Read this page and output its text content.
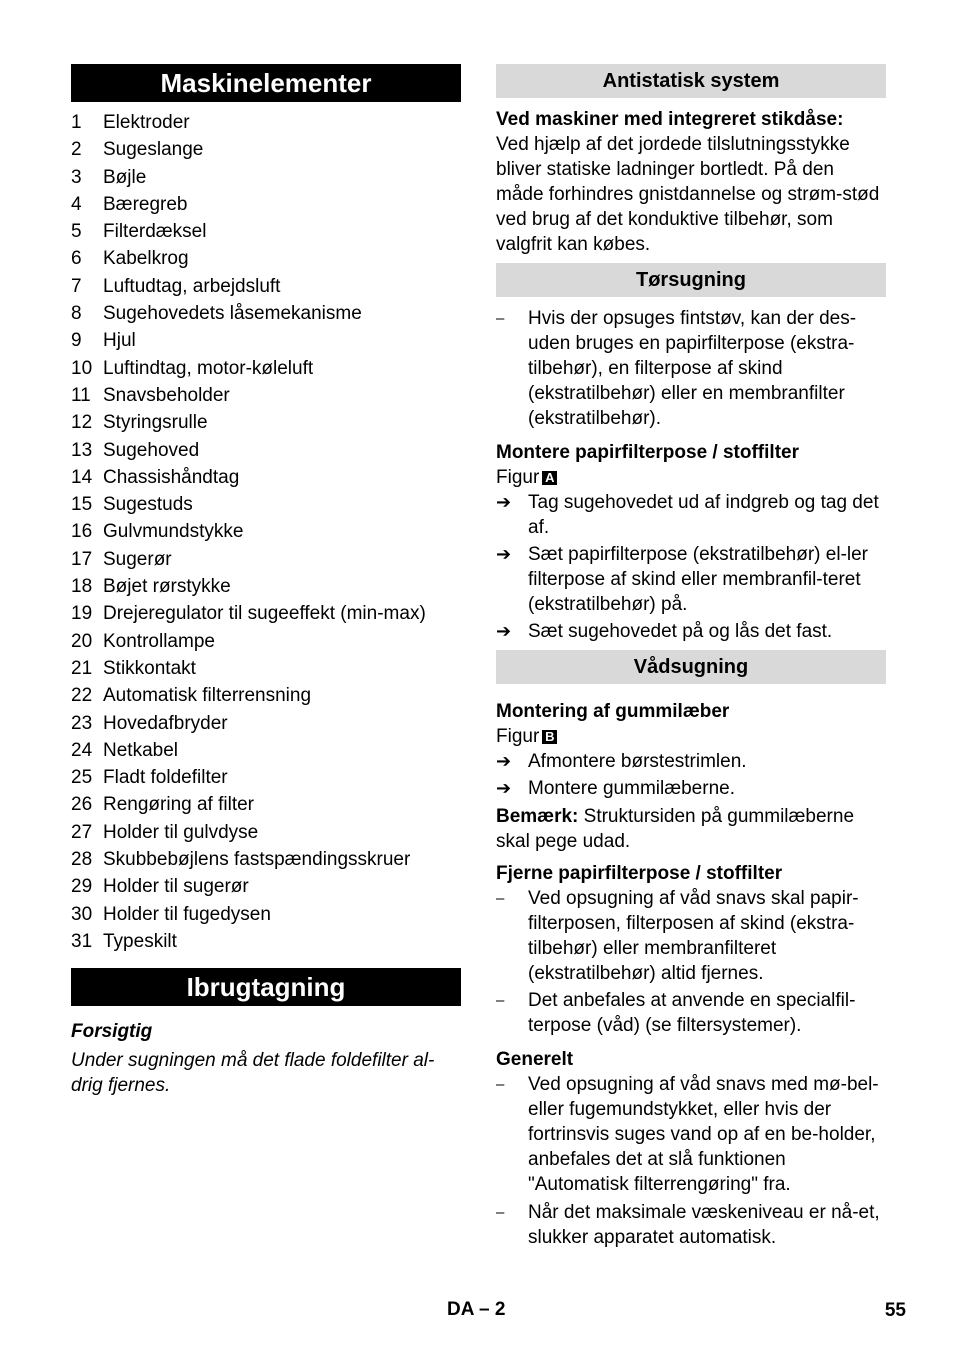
Maskinelementer
1	Elektroder
2	Sugeslange
3	Bøjle
4	Bæregreb
5	Filterdæksel
6	Kabelkrog
7	Luftudtag, arbejdsluft
8	Sugehovedets låsemekanisme
9	Hjul
10 Luftindtag, motor-køleluft
11 Snavsbeholder
12 Styringsrulle
13 Sugehoved
14 Chassishåndtag
15 Sugestuds
16 Gulvmundstykke
17 Sugerør
18 Bøjet rørstykke
19 Drejeregulator til sugeeffekt (min-max)
20 Kontrollampe
21 Stikkontakt
22 Automatisk filterrensning
23 Hovedafbryder
24 Netkabel
25 Fladt foldefilter
26 Rengøring af filter
27 Holder til gulvdyse
28 Skubbebøjlens fastspændingsskruer
29 Holder til sugerør
30 Holder til fugedysen
31 Typeskilt
Ibrugtagning
Forsigtig
Under sugningen må det flade foldefilter al-drig fjernes.
Antistatisk system

Ved maskiner med integreret stikdåse:

Ved hjælp af det jordede tilslutningsstykke bliver statiske ladninger bortledt. På den måde forhindres gnistdannelse og strøm-stød ved brug af det konduktive tilbehør, som valgfrit kan købes.

Tørsugning
–	Hvis der opsuges fintstøv, kan der des-uden bruges en papirfilterpose (ekstra-tilbehør), en filterpose af skind (ekstratilbehør) eller en membranfilter (ekstratilbehør).

Montere papirfilterpose / stoffilter

Figur A

➔ Tag sugehovedet ud af indgreb og tag det af.
➔ Sæt papirfilterpose (ekstratilbehør) el-ler filterpose af skind eller membranfil-teret (ekstratilbehør) på.
➔ Sæt sugehovedet på og lås det fast.
Vådsugning

Montering af gummilæber

Figur B

➔ Afmontere børstestrimlen.
➔ Montere gummilæberne.

Bemærk: Struktursiden på gummilæberne skal pege udad.

Fjerne papirfilterpose / stoffilter

–	Ved opsugning af våd snavs skal papir-filterposen, filterposen af skind (ekstra-tilbehør) eller membranfilteret (ekstratilbehør) altid fjernes.
–	Det anbefales at anvende en specialfil-terpose (våd) (se filtersystemer).

Generelt

–	Ved opsugning af våd snavs med mø-bel- eller fugemundstykket, eller hvis der fortrinsvis suges vand op af en be-holder, anbefales det at slå funktionen "Automatisk filterrengøring" fra.
–	Når det maksimale væskeniveau er nå-et, slukker apparatet automatisk.
DA – 2	55
